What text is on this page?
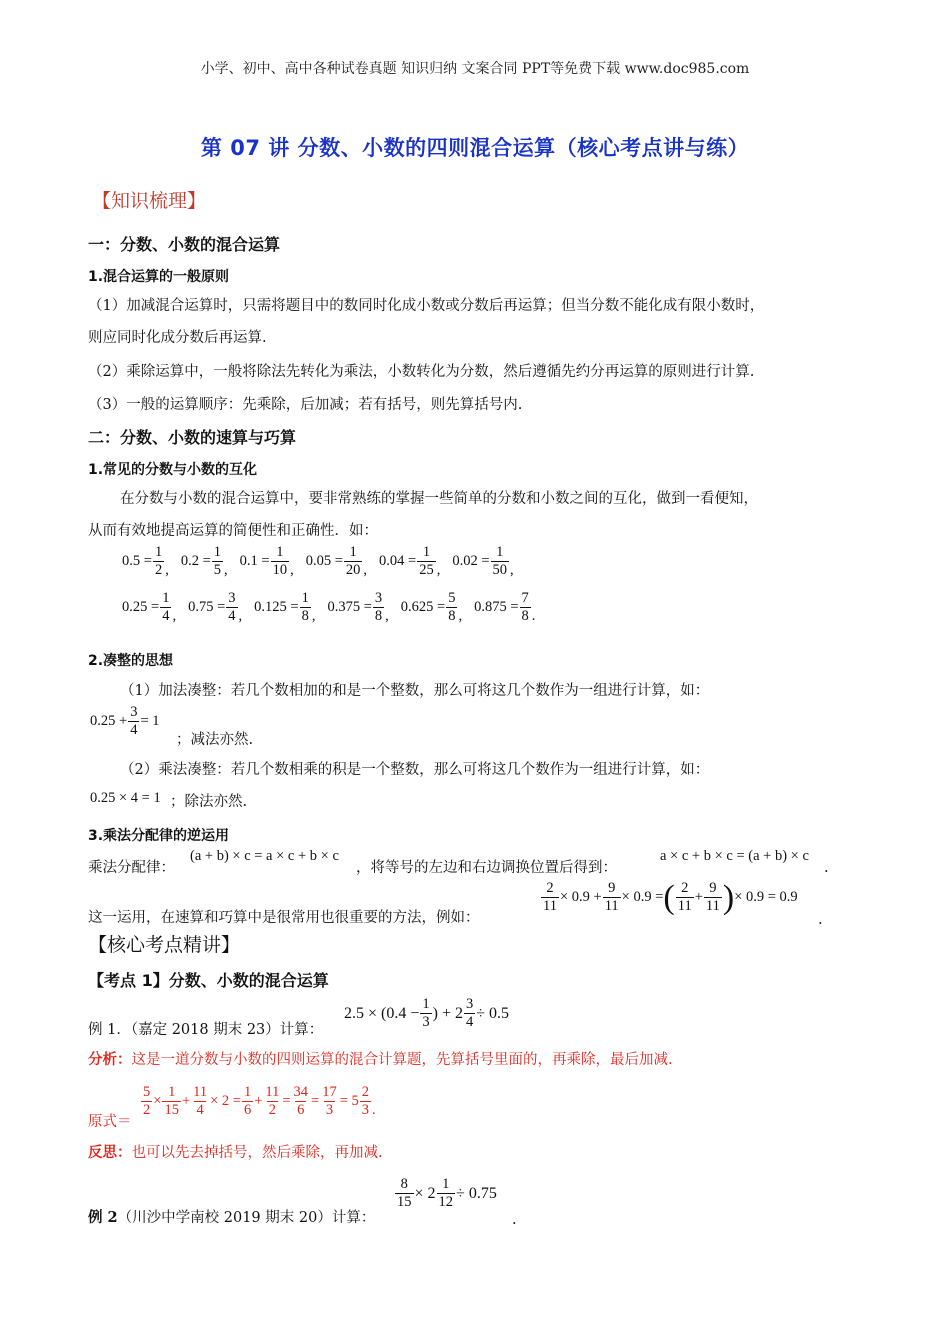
小学、初中、高中各种试卷真题 知识归纳 文案合同 PPT等免费下载 www.doc985.com
第 07 讲 分数、小数的四则混合运算（核心考点讲与练）
【知识梳理】
一：分数、小数的混合运算
1.混合运算的一般原则
（1）加减混合运算时，只需将题目中的数同时化成小数或分数后再运算；但当分数不能化成有限小数时，
则应同时化成分数后再运算.
（2）乘除运算中，一般将除法先转化为乘法，小数转化为分数，然后遵循先约分再运算的原则进行计算.
（3）一般的运算顺序：先乘除，后加减；若有括号，则先算括号内.
二：分数、小数的速算与巧算
1.常见的分数与小数的互化
在分数与小数的混合运算中，要非常熟练的掌握一些简单的分数和小数之间的互化，做到一看便知，
从而有效地提高运算的简便性和正确性．如：
$0.5 = \frac{1}{2}$ ,
$0.2 = \frac{1}{5}$ ,
$0.1 = \frac{1}{10}$ ,
$0.05 = \frac{1}{20}$ ,
$0.04 = \frac{1}{25}$ ,
$0.02 = \frac{1}{50}$ ,
$0.25 = \frac{1}{4}$ ,
$0.75 = \frac{3}{4}$ ,
$0.125 = \frac{1}{8}$ ,
$0.375 = \frac{3}{8}$ ,
$0.625 = \frac{5}{8}$ ,
$0.875 = \frac{7}{8}$ .
2.凑整的思想
（1）加法凑整：若几个数相加的和是一个整数，那么可将这几个数作为一组进行计算，如：
$0.25 + \frac{3}{4} = 1$
；减法亦然.
（2）乘法凑整：若几个数相乘的积是一个整数，那么可将这几个数作为一组进行计算，如：
0.25 × 4 = 1 ；除法亦然.
3.乘法分配律的逆运用
乘法分配律：
(a + b) × c = a × c + b × c
，将等号的左边和右边调换位置后得到：
a × c + b × c = (a + b) × c
.
这一运用，在速算和巧算中是很常用也很重要的方法，例如：
$\frac{2}{11} \times 0.9 + \frac{9}{11} \times 0.9$ = ( $\frac{2}{11} + \frac{9}{11}$ ) × 0.9 = 0.9
.
【核心考点精讲】
【考点 1】分数、小数的混合运算
例 1．（嘉定 2018 期末 23）计算：
$2.5 \times (0.4 - \frac{1}{3}$ ) + $2 \frac{3}{4} \div 0.5$
分析：这是一道分数与小数的四则运算的混合计算题，先算括号里面的，再乘除，最后加减.
原式＝
$\frac{5}{2} \times \frac{1}{15} + \frac{11}{4} \times 2 = \frac{1}{6} + \frac{11}{2} = \frac{34}{6} = \frac{17}{3} = 5 \frac{2}{3}$ .
反思：也可以先去掉括号，然后乘除，再加减.
例 2（川沙中学南校 2019 期末 20）计算：
$\frac{8}{15} \times 2 \frac{1}{12} \div 0.75$
.
